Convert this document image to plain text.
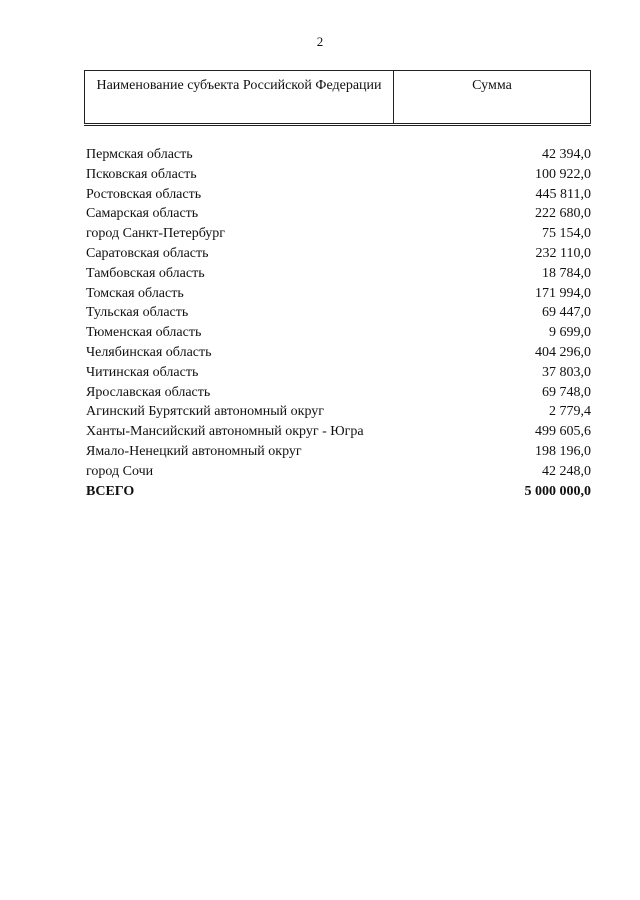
2
Наименование субъекта Российской Федерации	Сумма
Пермская область	42 394,0
Псковская область	100 922,0
Ростовская область	445 811,0
Самарская область	222 680,0
город Санкт-Петербург	75 154,0
Саратовская область	232 110,0
Тамбовская область	18 784,0
Томская область	171 994,0
Тульская область	69 447,0
Тюменская область	9 699,0
Челябинская область	404 296,0
Читинская область	37 803,0
Ярославская область	69 748,0
Агинский Бурятский автономный округ	2 779,4
Ханты-Мансийский автономный округ - Югра	499 605,6
Ямало-Ненецкий автономный округ	198 196,0
город Сочи	42 248,0
ВСЕГО	5 000 000,0
